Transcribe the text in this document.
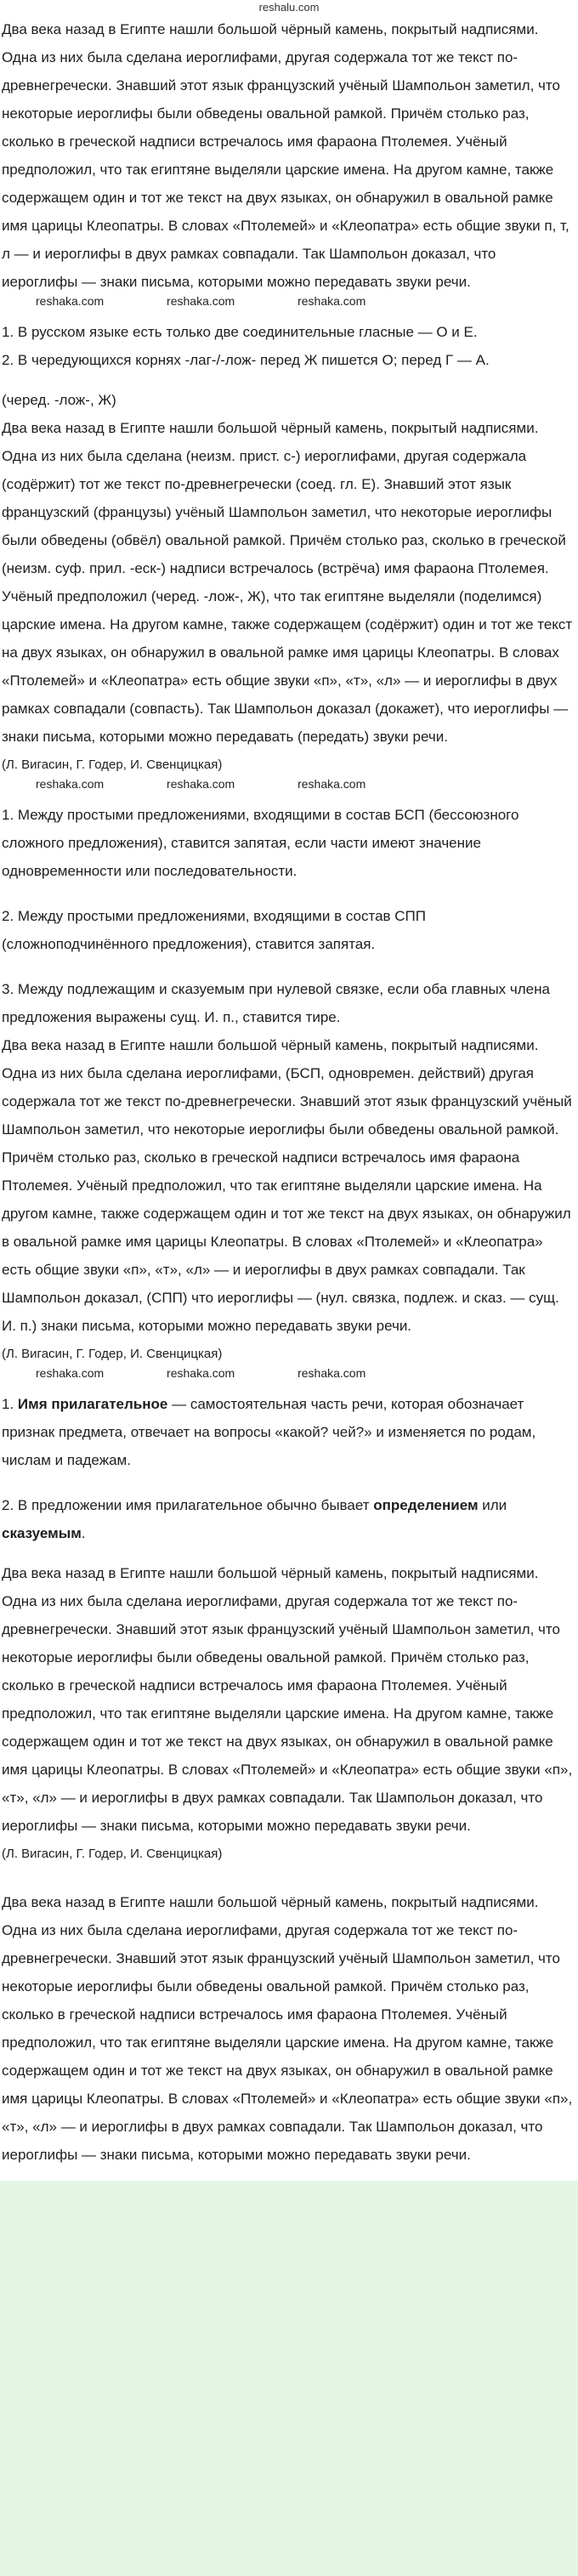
reshalu.com

Два века назад в Египте нашли большой чёрный камень, покрытый надписями. Одна из них была сделана иероглифами, другая содержала тот же текст по-древнегречески. Знавший этот язык французский учёный Шампольон заметил, что некоторые иероглифы были обведены овальной рамкой. Причём столько раз, сколько в греческой надписи встречалось имя фараона Птолемея. Учёный предположил, что так египтяне выделяли царские имена. На другом камне, также содержащем один и тот же текст на двух языках, он обнаружил в овальной рамке имя царицы Клеопатры. В словах «Птолемей» и «Клеопатра» есть общие звуки п, т, л — и иероглифы в двух рамках совпадали. Так Шампольон доказал, что иероглифы — знаки письма, которыми можно передавать звуки речи.

reshaka.com	reshaka.com	reshaka.com

1. В русском языке есть только две соединительные гласные — О и Е.

2. В чередующихся корнях -лаг-/-лож- перед Ж пишется О; перед Г — А.

(черед. -лож-, Ж)

Два века назад в Египте нашли большой чёрный камень, покрытый надписями. Одна из них была сделана (неизм. прист. с-) иероглифами, другая содержала (содёржит) тот же текст по-древнегречески (соед. гл. Е). Знавший этот язык французский (французы) учёный Шампольон заметил, что некоторые иероглифы были обведены (обвёл) овальной рамкой. Причём столько раз, сколько в греческой (неизм. суф. прил. -еск-) надписи встречалось (встрёча) имя фараона Птолемея. Учёный предположил (черед. -лож-, Ж), что так египтяне выделяли (поделимся) царские имена. На другом камне, также содержащем (содёржит) один и тот же текст на двух языках, он обнаружил в овальной рамке имя царицы Клеопатры. В словах «Птолемей» и «Клеопатра» есть общие звуки «п», «т», «л» — и иероглифы в двух рамках совпадали (совпасть). Так Шампольон доказал (докажет), что иероглифы — знаки письма, которыми можно передавать (передать) звуки речи.

(Л. Вигасин, Г. Годер, И. Свенцицкая)

reshaka.com	reshaka.com	reshaka.com

1. Между простыми предложениями, входящими в состав БСП (бессоюзного сложного предложения), ставится запятая, если части имеют значение одновременности или последовательности.

2. Между простыми предложениями, входящими в состав СПП (сложноподчинённого предложения), ставится запятая.

3. Между подлежащим и сказуемым при нулевой связке, если оба главных члена предложения выражены сущ. И. п., ставится тире.

Два века назад в Египте нашли большой чёрный камень, покрытый надписями. Одна из них была сделана иероглифами, (БСП, одновремен. действий) другая содержала тот же текст по-древнегречески. Знавший этот язык французский учёный Шампольон заметил, что некоторые иероглифы были обведены овальной рамкой. Причём столько раз, сколько в греческой надписи встречалось имя фараона Птолемея. Учёный предположил, что так египтяне выделяли царские имена. На другом камне, также содержащем один и тот же текст на двух языках, он обнаружил в овальной рамке имя царицы Клеопатры. В словах «Птолемей» и «Клеопатра» есть общие звуки «п», «т», «л» — и иероглифы в двух рамках совпадали. Так Шампольон доказал, (СПП) что иероглифы — (нул. связка, подлеж. и сказ. — сущ. И. п.) знаки письма, которыми можно передавать звуки речи.

(Л. Вигасин, Г. Годер, И. Свенцицкая)

reshaka.com	reshaka.com	reshaka.com

1. Имя прилагательное — самостоятельная часть речи, которая обозначает признак предмета, отвечает на вопросы «какой? чей?» и изменяется по родам, числам и падежам.

2. В предложении имя прилагательное обычно бывает определением или сказуемым.

Два века назад в Египте нашли большой чёрный камень, покрытый надписями. Одна из них была сделана иероглифами, другая содержала тот же текст по-древнегречески. Знавший этот язык французский учёный Шампольон заметил, что некоторые иероглифы были обведены овальной рамкой. Причём столько раз, сколько в греческой надписи встречалось имя фараона Птолемея. Учёный предположил, что так египтяне выделяли царские имена. На другом камне, также содержащем один и тот же текст на двух языках, он обнаружил в овальной рамке имя царицы Клеопатры. В словах «Птолемей» и «Клеопатра» есть общие звуки «п», «т», «л» — и иероглифы в двух рамках совпадали. Так Шампольон доказал, что иероглифы — знаки письма, которыми можно передавать звуки речи.

(Л. Вигасин, Г. Годер, И. Свенцицкая)

Два века назад в Египте нашли большой чёрный камень, покрытый надписями. Одна из них была сделана иероглифами, другая содержала тот же текст по-древнегречески. Знавший этот язык французский учёный Шампольон заметил, что некоторые иероглифы были обведены овальной рамкой. Причём столько раз, сколько в греческой надписи встречалось имя фараона Птолемея. Учёный предположил, что так египтяне выделяли царские имена. На другом камне, также содержащем один и тот же текст на двух языках, он обнаружил в овальной рамке имя царицы Клеопатры. В словах «Птолемей» и «Клеопатра» есть общие звуки «п», «т», «л» — и иероглифы в двух рамках совпадали. Так Шампольон доказал, что иероглифы — знаки письма, которыми можно передавать звуки речи.
